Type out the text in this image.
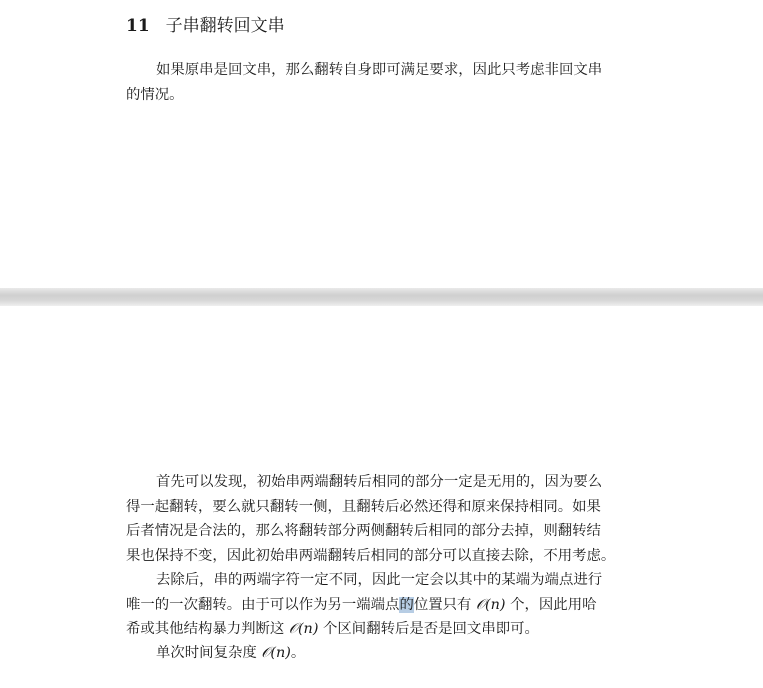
11 子串翻转回文串
如果原串是回文串，那么翻转自身即可满足要求，因此只考虑非回文串
的情况。
首先可以发现，初始串两端翻转后相同的部分一定是无用的，因为要么
得一起翻转，要么就只翻转一侧，且翻转后必然还得和原来保持相同。如果
后者情况是合法的，那么将翻转部分两侧翻转后相同的部分去掉，则翻转结
果也保持不变，因此初始串两端翻转后相同的部分可以直接去除，不用考虑。
去除后，串的两端字符一定不同，因此一定会以其中的某端为端点进行
唯一的一次翻转。由于可以作为另一端端点的位置只有 𝒪(n) 个，因此用哈
希或其他结构暴力判断这 𝒪(n) 个区间翻转后是否是回文串即可。
单次时间复杂度 𝒪(n)。
